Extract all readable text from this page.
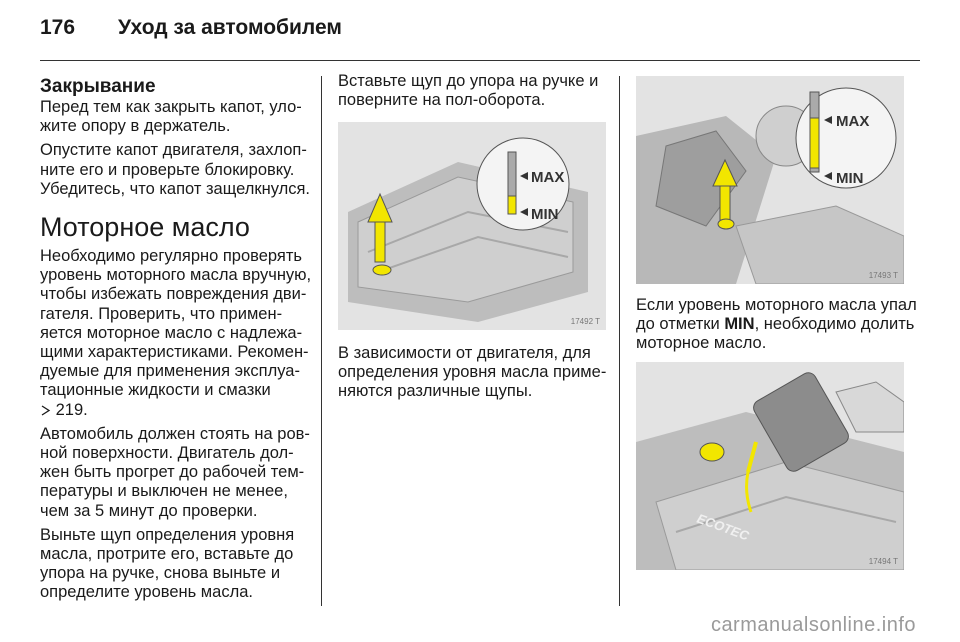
176 Уход за автомобилем
Закрывание

Перед тем как закрыть капот, уло-жите опору в держатель.

Опустите капот двигателя, захлоп-ните его и проверьте блокировку. Убедитесь, что капот защелкнулся.

Моторное масло

Необходимо регулярно проверять уровень моторного масла вручную, чтобы избежать повреждения дви-гателя. Проверить, что примен-яется моторное масло с надлежа-щими характеристиками. Рекомен-дуемые для применения эксплуа-тационные жидкости и смазки
219.

Автомобиль должен стоять на ров-ной поверхности. Двигатель дол-жен быть прогрет до рабочей тем-пературы и выключен не менее, чем за 5 минут до проверки.

Выньте щуп определения уровня масла, протрите его, вставьте до упора на ручке, снова выньте и определите уровень масла.

Вставьте щуп до упора на ручке и поверните на пол-оборота.

MAX
MIN
17492 T

В зависимости от двигателя, для определения уровня масла приме-няются различные щупы.

MAX
MIN
17493 T

Если уровень моторного масла упал до отметки MIN, необходимо долить моторное масло.

ECOTEC
17494 T
carmanualsonline.info
